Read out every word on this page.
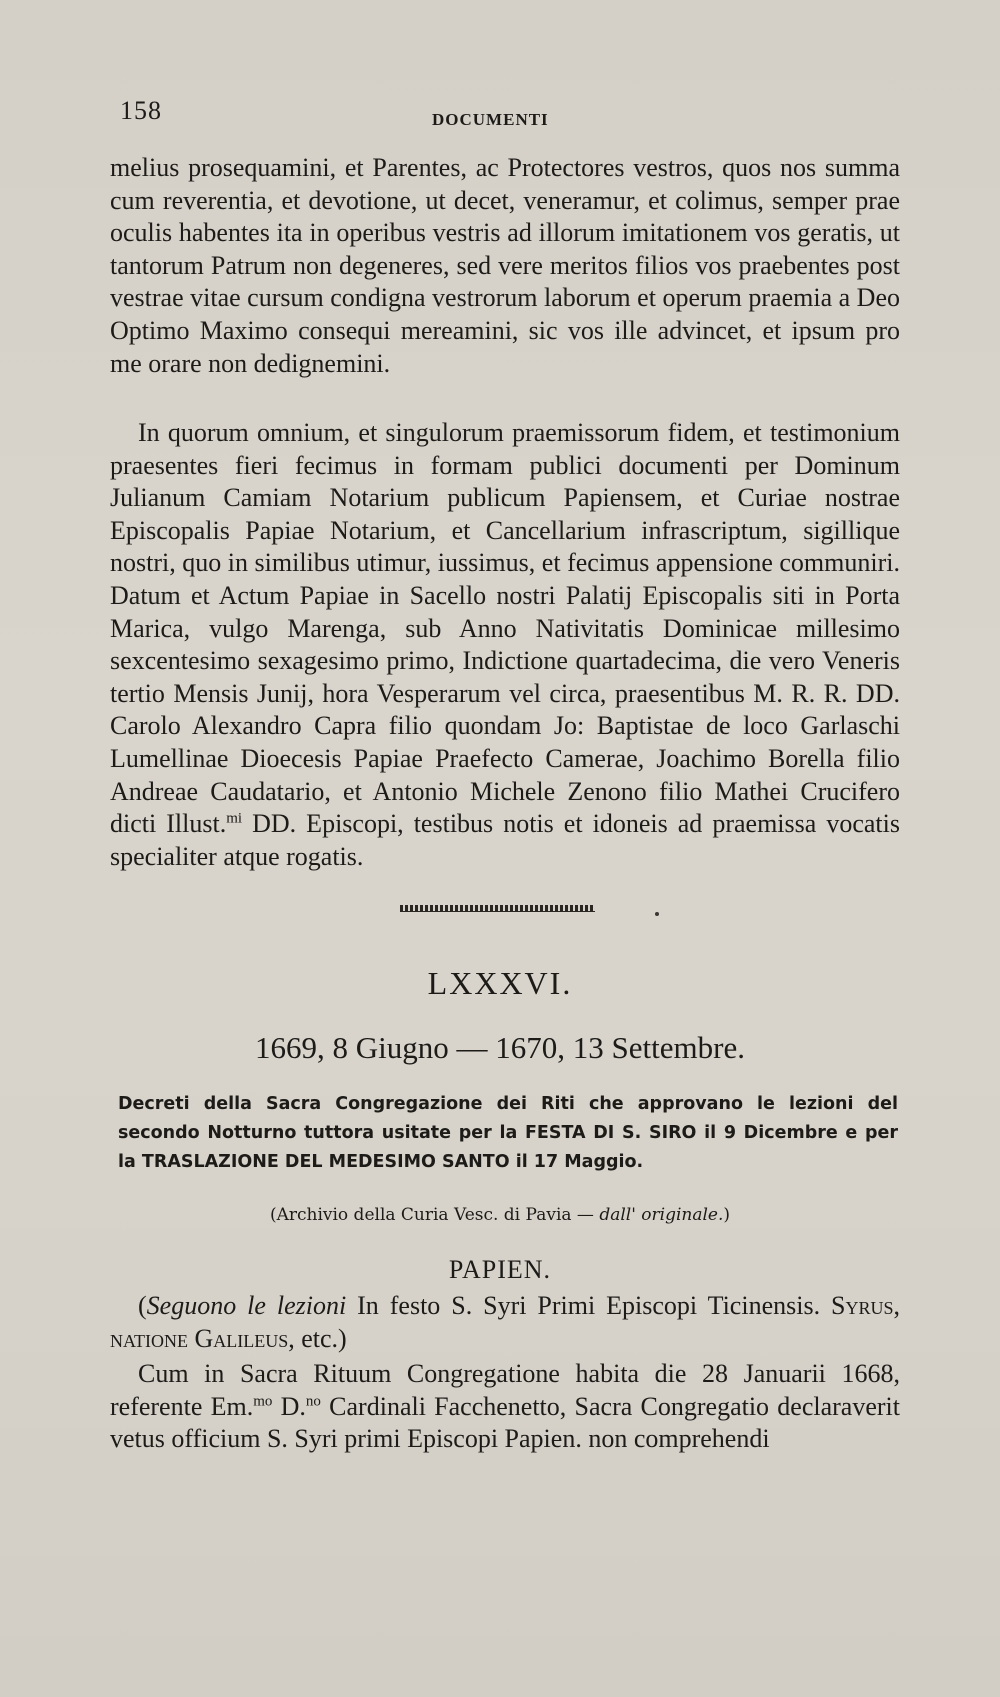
158	DOCUMENTI

melius prosequamini, et Parentes, ac Protectores vestros, quos nos summa cum reverentia, et devotione, ut decet, veneramur, et colimus, semper prae oculis habentes ita in operibus vestris ad illorum imitationem vos geratis, ut tantorum Patrum non degeneres, sed vere meritos filios vos praebentes post vestrae vitae cursum condigna vestrorum laborum et operum praemia a Deo Optimo Maximo consequi mereamini, sic vos ille advincet, et ipsum pro me orare non dedignemini.

In quorum omnium, et singulorum praemissorum fidem, et testimonium praesentes fieri fecimus in formam publici documenti per Dominum Julianum Camiam Notarium publicum Papiensem, et Curiae nostrae Episcopalis Papiae Notarium, et Cancellarium infrascriptum, sigillique nostri, quo in similibus utimur, iussimus, et fecimus appensione communiri. Datum et Actum Papiae in Sacello nostri Palatij Episcopalis siti in Porta Marica, vulgo Marenga, sub Anno Nativitatis Dominicae millesimo sexcentesimo sexagesimo primo, Indictione quartadecima, die vero Veneris tertio Mensis Junij, hora Vesperarum vel circa, praesentibus M. R. R. DD. Carolo Alexandro Capra filio quondam Jo: Baptistae de loco Garlaschi Lumellinae Dioecesis Papiae Praefecto Camerae, Joachimo Borella filio Andreae Caudatario, et Antonio Michele Zenono filio Mathei Crucifero dicti Illust.$^{mi}$ DD. Episcopi, testibus notis et idoneis ad praemissa vocatis specialiter atque rogatis.

LXXXVI.
1669, 8 Giugno — 1670, 13 Settembre.
Decreti della Sacra Congregazione dei Riti che approvano le lezioni del secondo Notturno tuttora usitate per la FESTA DI S. SIRO il 9 Dicembre e per la TRASLAZIONE DEL MEDESIMO SANTO il 17 Maggio.
(Archivio della Curia Vesc. di Pavia — dall' originale.)
PAPIEN.

(Seguono le lezioni In festo S. Syri Primi Episcopi Ticinensis. Syrus, natione Galileus, etc.)

Cum in Sacra Rituum Congregatione habita die 28 Januarii 1668, referente Em.$^{mo}$ D.$^{no}$ Cardinali Facchenetto, Sacra Congregatio declaraverit vetus officium S. Syri primi Episcopi Papien. non comprehendi
